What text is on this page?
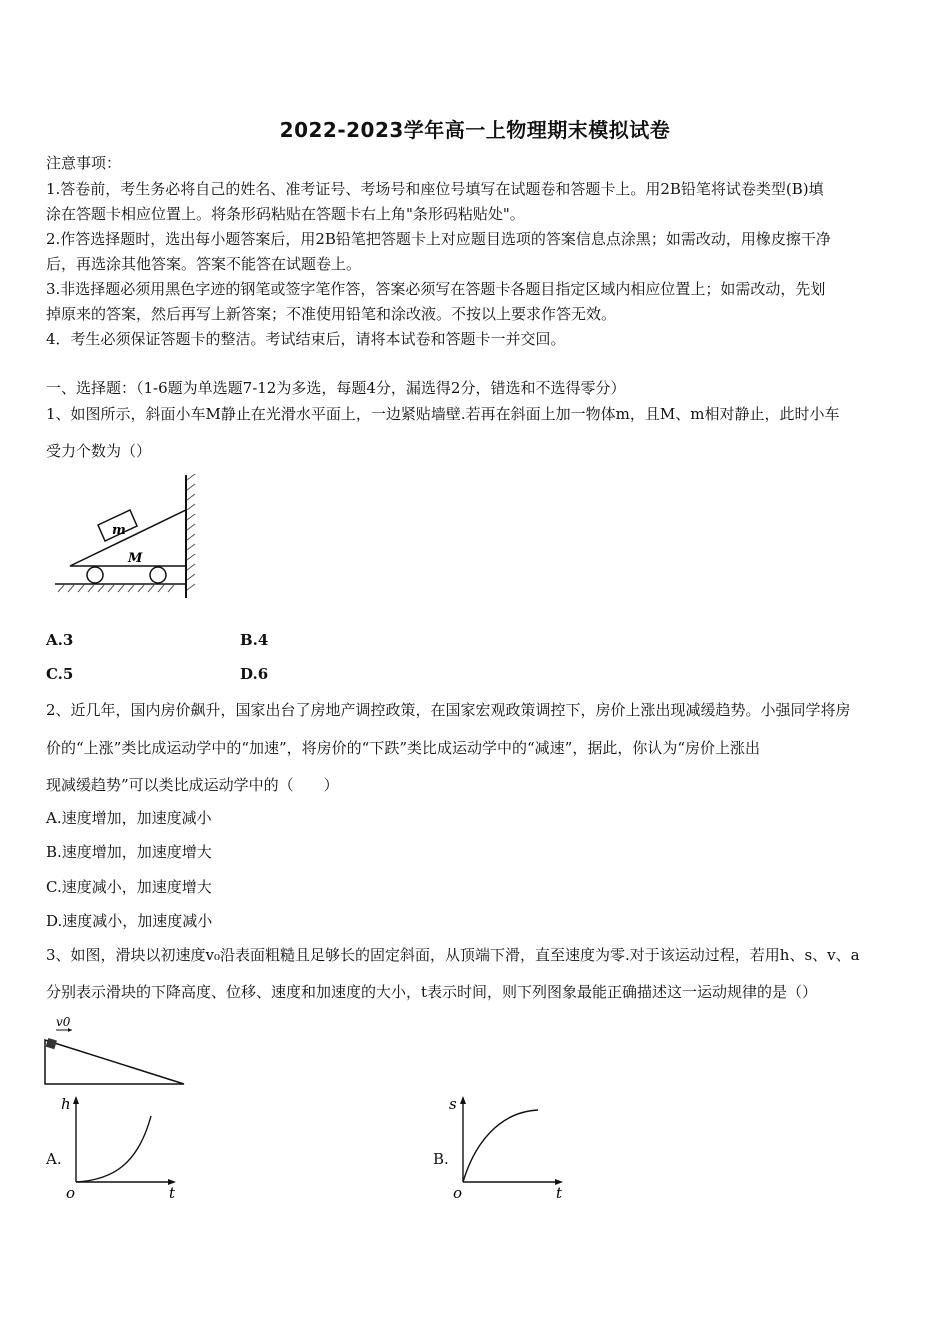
2022-2023学年高一上物理期末模拟试卷
注意事项：
1.答卷前，考生务必将自己的姓名、准考证号、考场号和座位号填写在试题卷和答题卡上。用2B铅笔将试卷类型(B)填
涂在答题卡相应位置上。将条形码粘贴在答题卡右上角"条形码粘贴处"。
2.作答选择题时，选出每小题答案后，用2B铅笔把答题卡上对应题目选项的答案信息点涂黑；如需改动，用橡皮擦干净
后，再选涂其他答案。答案不能答在试题卷上。
3.非选择题必须用黑色字迹的钢笔或签字笔作答，答案必须写在答题卡各题目指定区域内相应位置上；如需改动，先划
掉原来的答案，然后再写上新答案；不准使用铅笔和涂改液。不按以上要求作答无效。
4．考生必须保证答题卡的整洁。考试结束后，请将本试卷和答题卡一并交回。
一、选择题：（1-6题为单选题7-12为多选，每题4分，漏选得2分，错选和不选得零分）
1、如图所示，斜面小车M静止在光滑水平面上，一边紧贴墙壁.若再在斜面上加一物体m，且M、m相对静止，此时小车
受力个数为（）
m
M
A.3	B.4
C.5	D.6
2、近几年，国内房价飙升，国家出台了房地产调控政策，在国家宏观政策调控下，房价上涨出现减缓趋势。小强同学将房
价的“上涨”类比成运动学中的“加速”，将房价的“下跌”类比成运动学中的“减速”，据此，你认为“房价上涨出
现减缓趋势”可以类比成运动学中的（　　）
A.速度增加，加速度减小
B.速度增加，加速度增大
C.速度减小，加速度增大
D.速度减小，加速度减小
3、如图，滑块以初速度v₀沿表面粗糙且足够长的固定斜面，从顶端下滑，直至速度为零.对于该运动过程，若用h、s、v、a
分别表示滑块的下降高度、位移、速度和加速度的大小，t表示时间，则下列图象最能正确描述这一运动规律的是（）
v0
A.
h
t
o
B.
s
t
o
